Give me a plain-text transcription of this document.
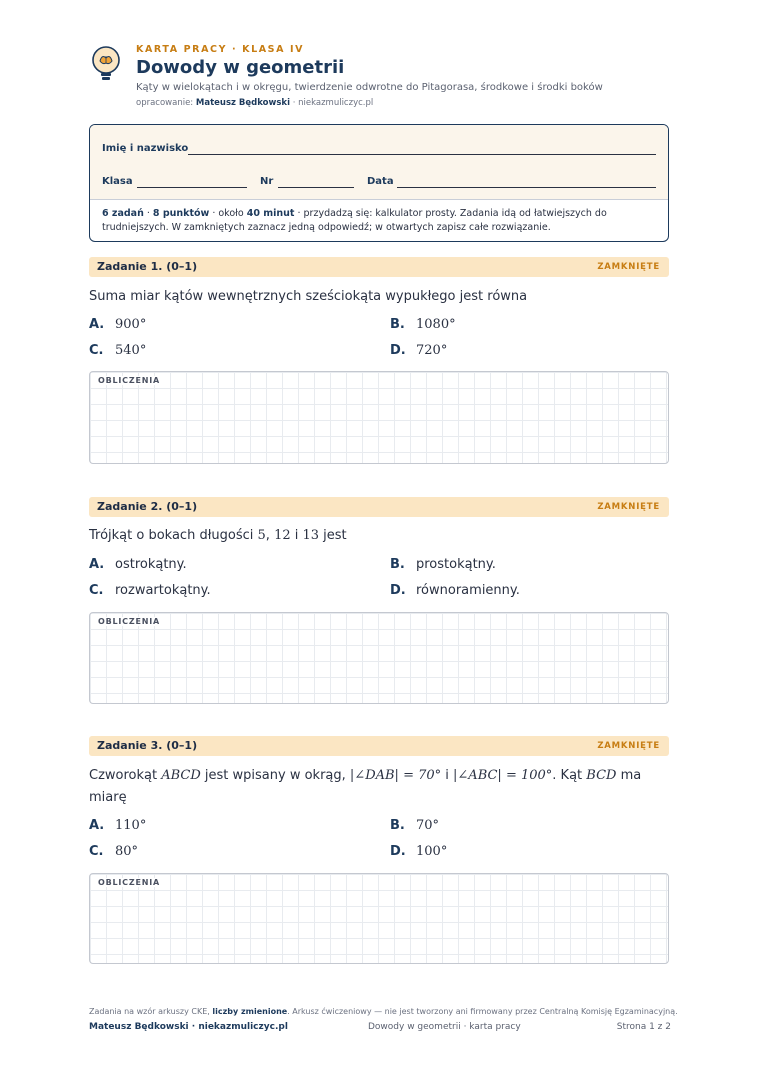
KARTA PRACY · KLASA IV
Dowody w geometrii
Kąty w wielokątach i w okręgu, twierdzenie odwrotne do Pitagorasa, środkowe i środki boków
opracowanie: Mateusz Będkowski · niekazmuliczyc.pl
Imię i nazwisko
Klasa	Nr	Data
6 zadań · 8 punktów · około 40 minut · przydadzą się: kalkulator prosty. Zadania idą od łatwiejszych do trudniejszych. W zamkniętych zaznacz jedną odpowiedź; w otwartych zapisz całe rozwiązanie.
Zadanie 1. (0–1)	ZAMKNIĘTE
Suma miar kątów wewnętrznych sześciokąta wypukłego jest równa
A. 900°	B. 1080°
C. 540°	D. 720°
OBLICZENIA
Zadanie 2. (0–1)	ZAMKNIĘTE
Trójkąt o bokach długości 5, 12 i 13 jest
A. ostrokątny.	B. prostokątny.
C. rozwartokątny.	D. równoramienny.
OBLICZENIA
Zadanie 3. (0–1)	ZAMKNIĘTE
Czworokąt ABCD jest wpisany w okrąg, |∠DAB| = 70° i |∠ABC| = 100°. Kąt BCD ma miarę
A. 110°	B. 70°
C. 80°	D. 100°
OBLICZENIA
Zadania na wzór arkuszy CKE, liczby zmienione. Arkusz ćwiczeniowy — nie jest tworzony ani firmowany przez Centralną Komisję Egzaminacyjną.
Mateusz Będkowski · niekazmuliczyc.pl	Dowody w geometrii · karta pracy	Strona 1 z 2
